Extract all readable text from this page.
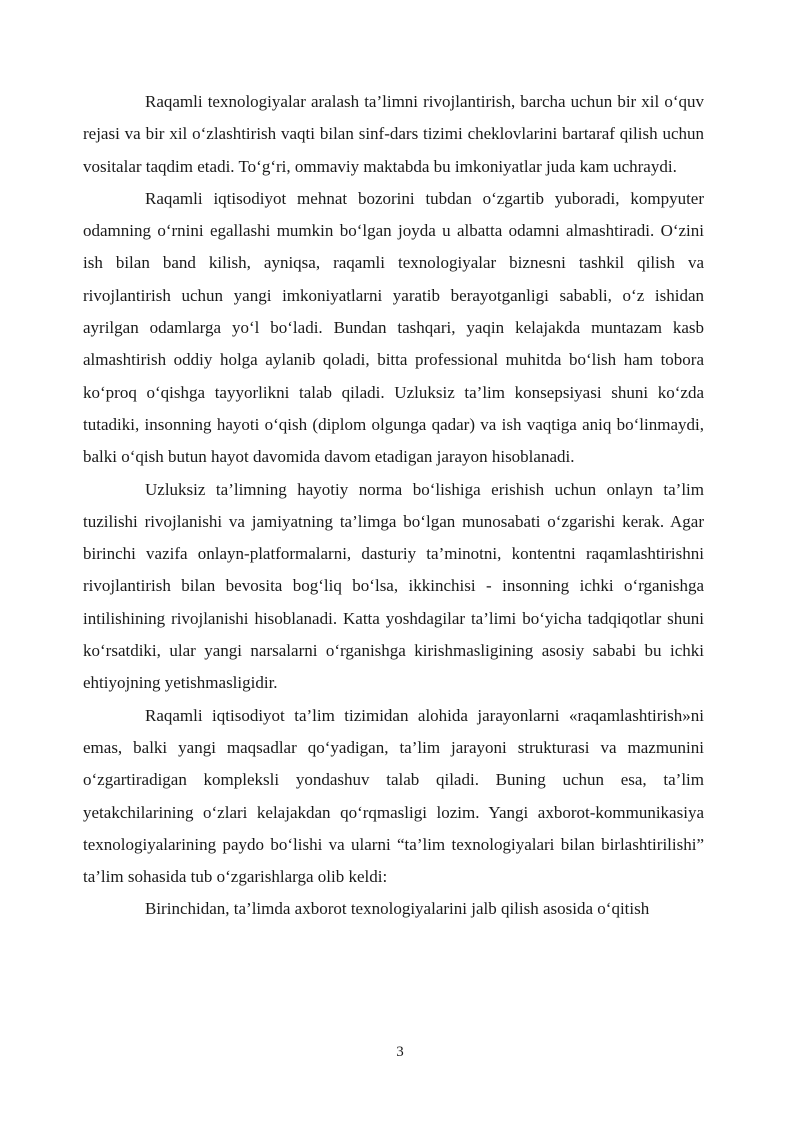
Raqamli texnologiyalar aralash ta’limni rivojlantirish, barcha uchun bir xil o‘quv rejasi va bir xil o‘zlashtirish vaqti bilan sinf-dars tizimi cheklovlarini bartaraf qilish uchun vositalar taqdim etadi. To‘g‘ri, ommaviy maktabda bu imkoniyatlar juda kam uchraydi.

Raqamli iqtisodiyot mehnat bozorini tubdan o‘zgartib yuboradi, kompyuter odamning o‘rnini egallashi mumkin bo‘lgan joyda u albatta odamni almashtiradi. O‘zini ish bilan band kilish, ayniqsa, raqamli texnologiyalar biznesni tashkil qilish va rivojlantirish uchun yangi imkoniyatlarni yaratib berayotganligi sababli, o‘z ishidan ayrilgan odamlarga yo‘l bo‘ladi. Bundan tashqari, yaqin kelajakda muntazam kasb almashtirish oddiy holga aylanib qoladi, bitta professional muhitda bo‘lish ham tobora ko‘proq o‘qishga tayyorlikni talab qiladi. Uzluksiz ta’lim konsepsiyasi shuni ko‘zda tutadiki, insonning hayoti o‘qish (diplom olgunga qadar) va ish vaqtiga aniq bo‘linmaydi, balki o‘qish butun hayot davomida davom etadigan jarayon hisoblanadi.

Uzluksiz ta’limning hayotiy norma bo‘lishiga erishish uchun onlayn ta’lim tuzilishi rivojlanishi va jamiyatning ta’limga bo‘lgan munosabati o‘zgarishi kerak. Agar birinchi vazifa onlayn-platformalarni, dasturiy ta’minotni, kontentni raqamlashtirishni rivojlantirish bilan bevosita bog‘liq bo‘lsa, ikkinchisi - insonning ichki o‘rganishga intilishining rivojlanishi hisoblanadi. Katta yoshdagilar ta’limi bo‘yicha tadqiqotlar shuni ko‘rsatdiki, ular yangi narsalarni o‘rganishga kirishmasligining asosiy sababi bu ichki ehtiyojning yetishmasligidir.

Raqamli iqtisodiyot ta’lim tizimidan alohida jarayonlarni «raqamlashtirish»ni emas, balki yangi maqsadlar qo‘yadigan, ta’lim jarayoni strukturasi va mazmunini o‘zgartiradigan kompleksli yondashuv talab qiladi. Buning uchun esa, ta’lim yetakchilarining o‘zlari kelajakdan qo‘rqmasligi lozim. Yangi axborot-kommunikasiya texnologiyalarining paydo bo‘lishi va ularni “ta’lim texnologiyalari bilan birlashtirilishi” ta’lim sohasida tub o‘zgarishlarga olib keldi:

Birinchidan, ta’limda axborot texnologiyalarini jalb qilish asosida o‘qitish

3
